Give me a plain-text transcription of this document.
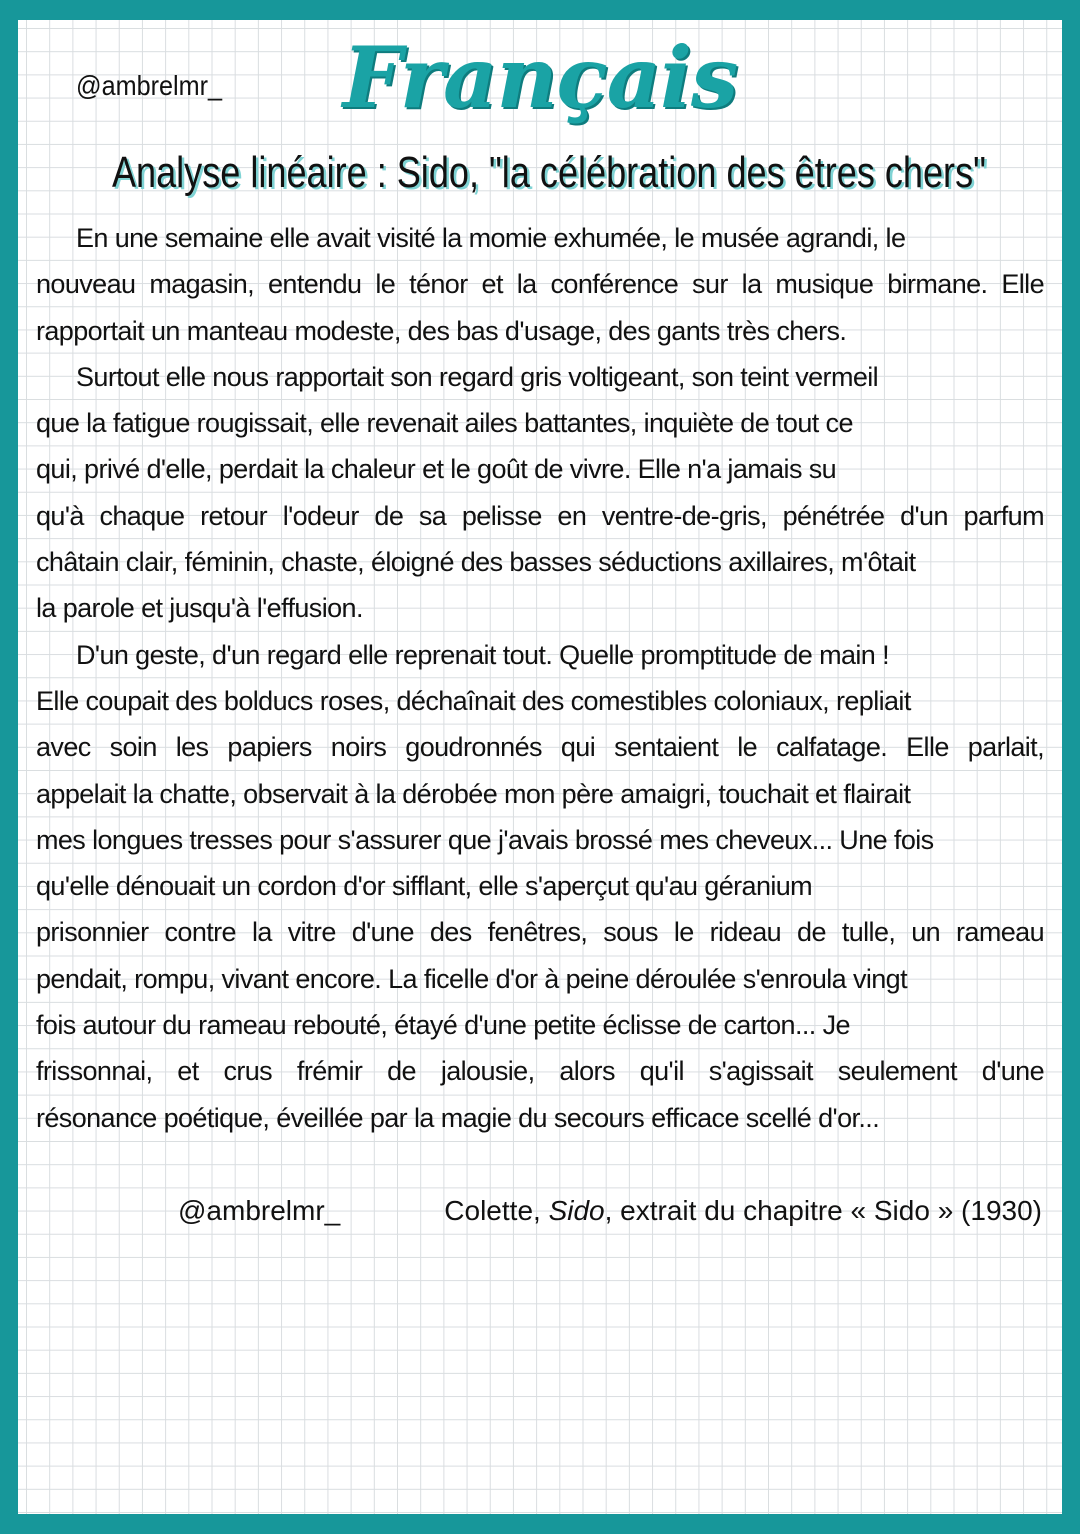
@ambrelmr_	Français
Analyse linéaire : Sido, "la célébration des êtres chers"
En une semaine elle avait visité la momie exhumée, le musée agrandi, le
nouveau magasin, entendu le ténor et la conférence sur la musique birmane. Elle
rapportait un manteau modeste, des bas d'usage, des gants très chers.
Surtout elle nous rapportait son regard gris voltigeant, son teint vermeil
que la fatigue rougissait, elle revenait ailes battantes, inquiète de tout ce
qui, privé d'elle, perdait la chaleur et le goût de vivre. Elle n'a jamais su
qu'à chaque retour l'odeur de sa pelisse en ventre-de-gris, pénétrée d'un parfum
châtain clair, féminin, chaste, éloigné des basses séductions axillaires, m'ôtait
la parole et jusqu'à l'effusion.
D'un geste, d'un regard elle reprenait tout. Quelle promptitude de main !
Elle coupait des bolducs roses, déchaînait des comestibles coloniaux, repliait
avec soin les papiers noirs goudronnés qui sentaient le calfatage. Elle parlait,
appelait la chatte, observait à la dérobée mon père amaigri, touchait et flairait
mes longues tresses pour s'assurer que j'avais brossé mes cheveux... Une fois
qu'elle dénouait un cordon d'or sifflant, elle s'aperçut qu'au géranium
prisonnier contre la vitre d'une des fenêtres, sous le rideau de tulle, un rameau
pendait, rompu, vivant encore. La ficelle d'or à peine déroulée s'enroula vingt
fois autour du rameau rebouté, étayé d'une petite éclisse de carton... Je
frissonnai, et crus frémir de jalousie, alors qu'il s'agissait seulement d'une
résonance poétique, éveillée par la magie du secours efficace scellé d'or...
@ambrelmr_	Colette, Sido, extrait du chapitre « Sido » (1930)
